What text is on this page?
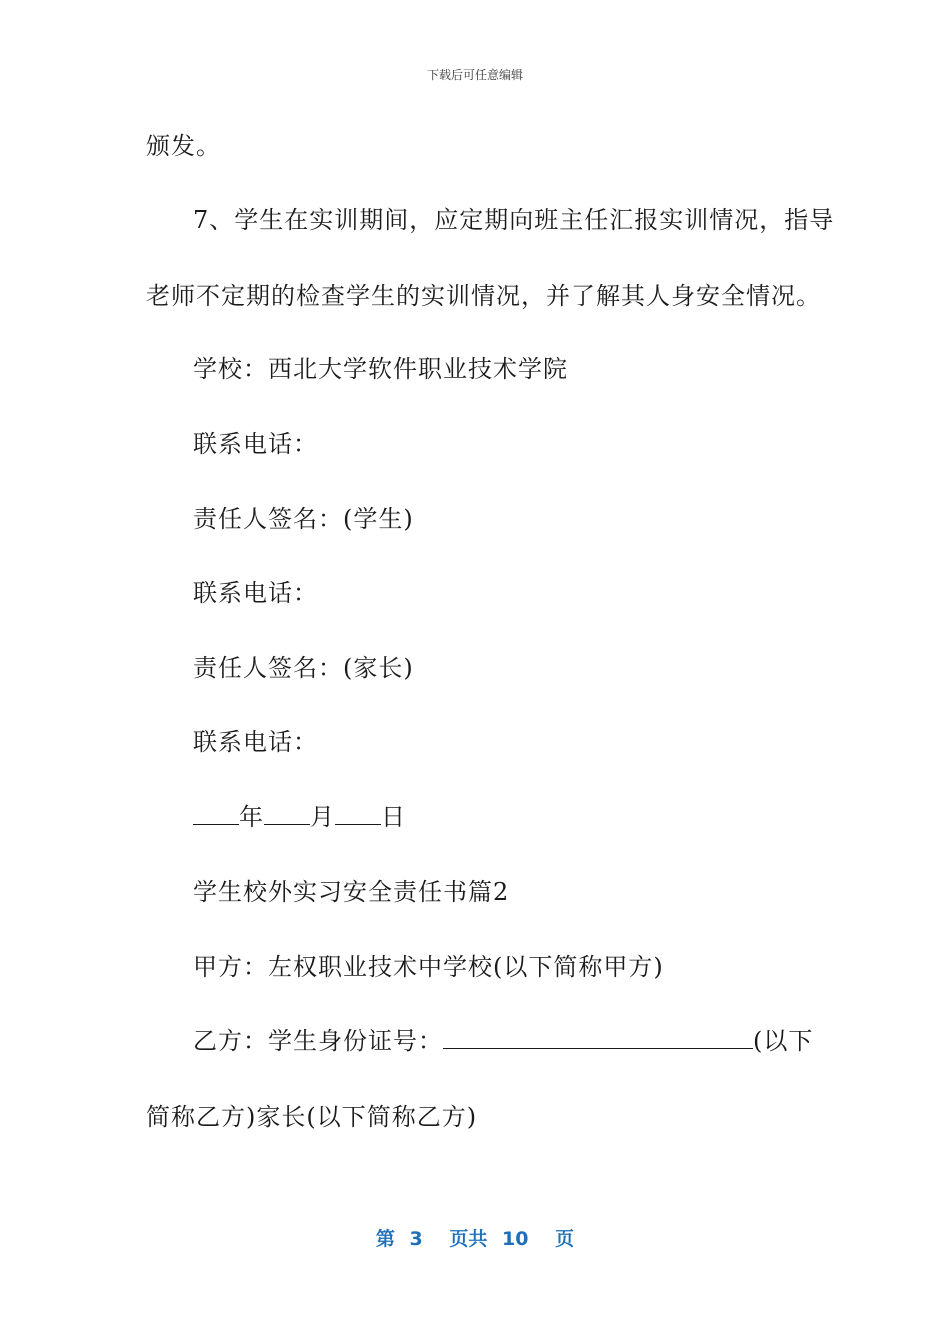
下载后可任意编辑
颁发。
7、学生在实训期间，应定期向班主任汇报实训情况，指导
老师不定期的检查学生的实训情况，并了解其人身安全情况。
学校：西北大学软件职业技术学院
联系电话：
责任人签名：(学生)
联系电话：
责任人签名：(家长)
联系电话：
年 月 日
学生校外实习安全责任书篇2
甲方：左权职业技术中学校(以下简称甲方)
乙方：学生身份证号：	(以下
简称乙方)家长(以下简称乙方)
第 3 页共 10 页
